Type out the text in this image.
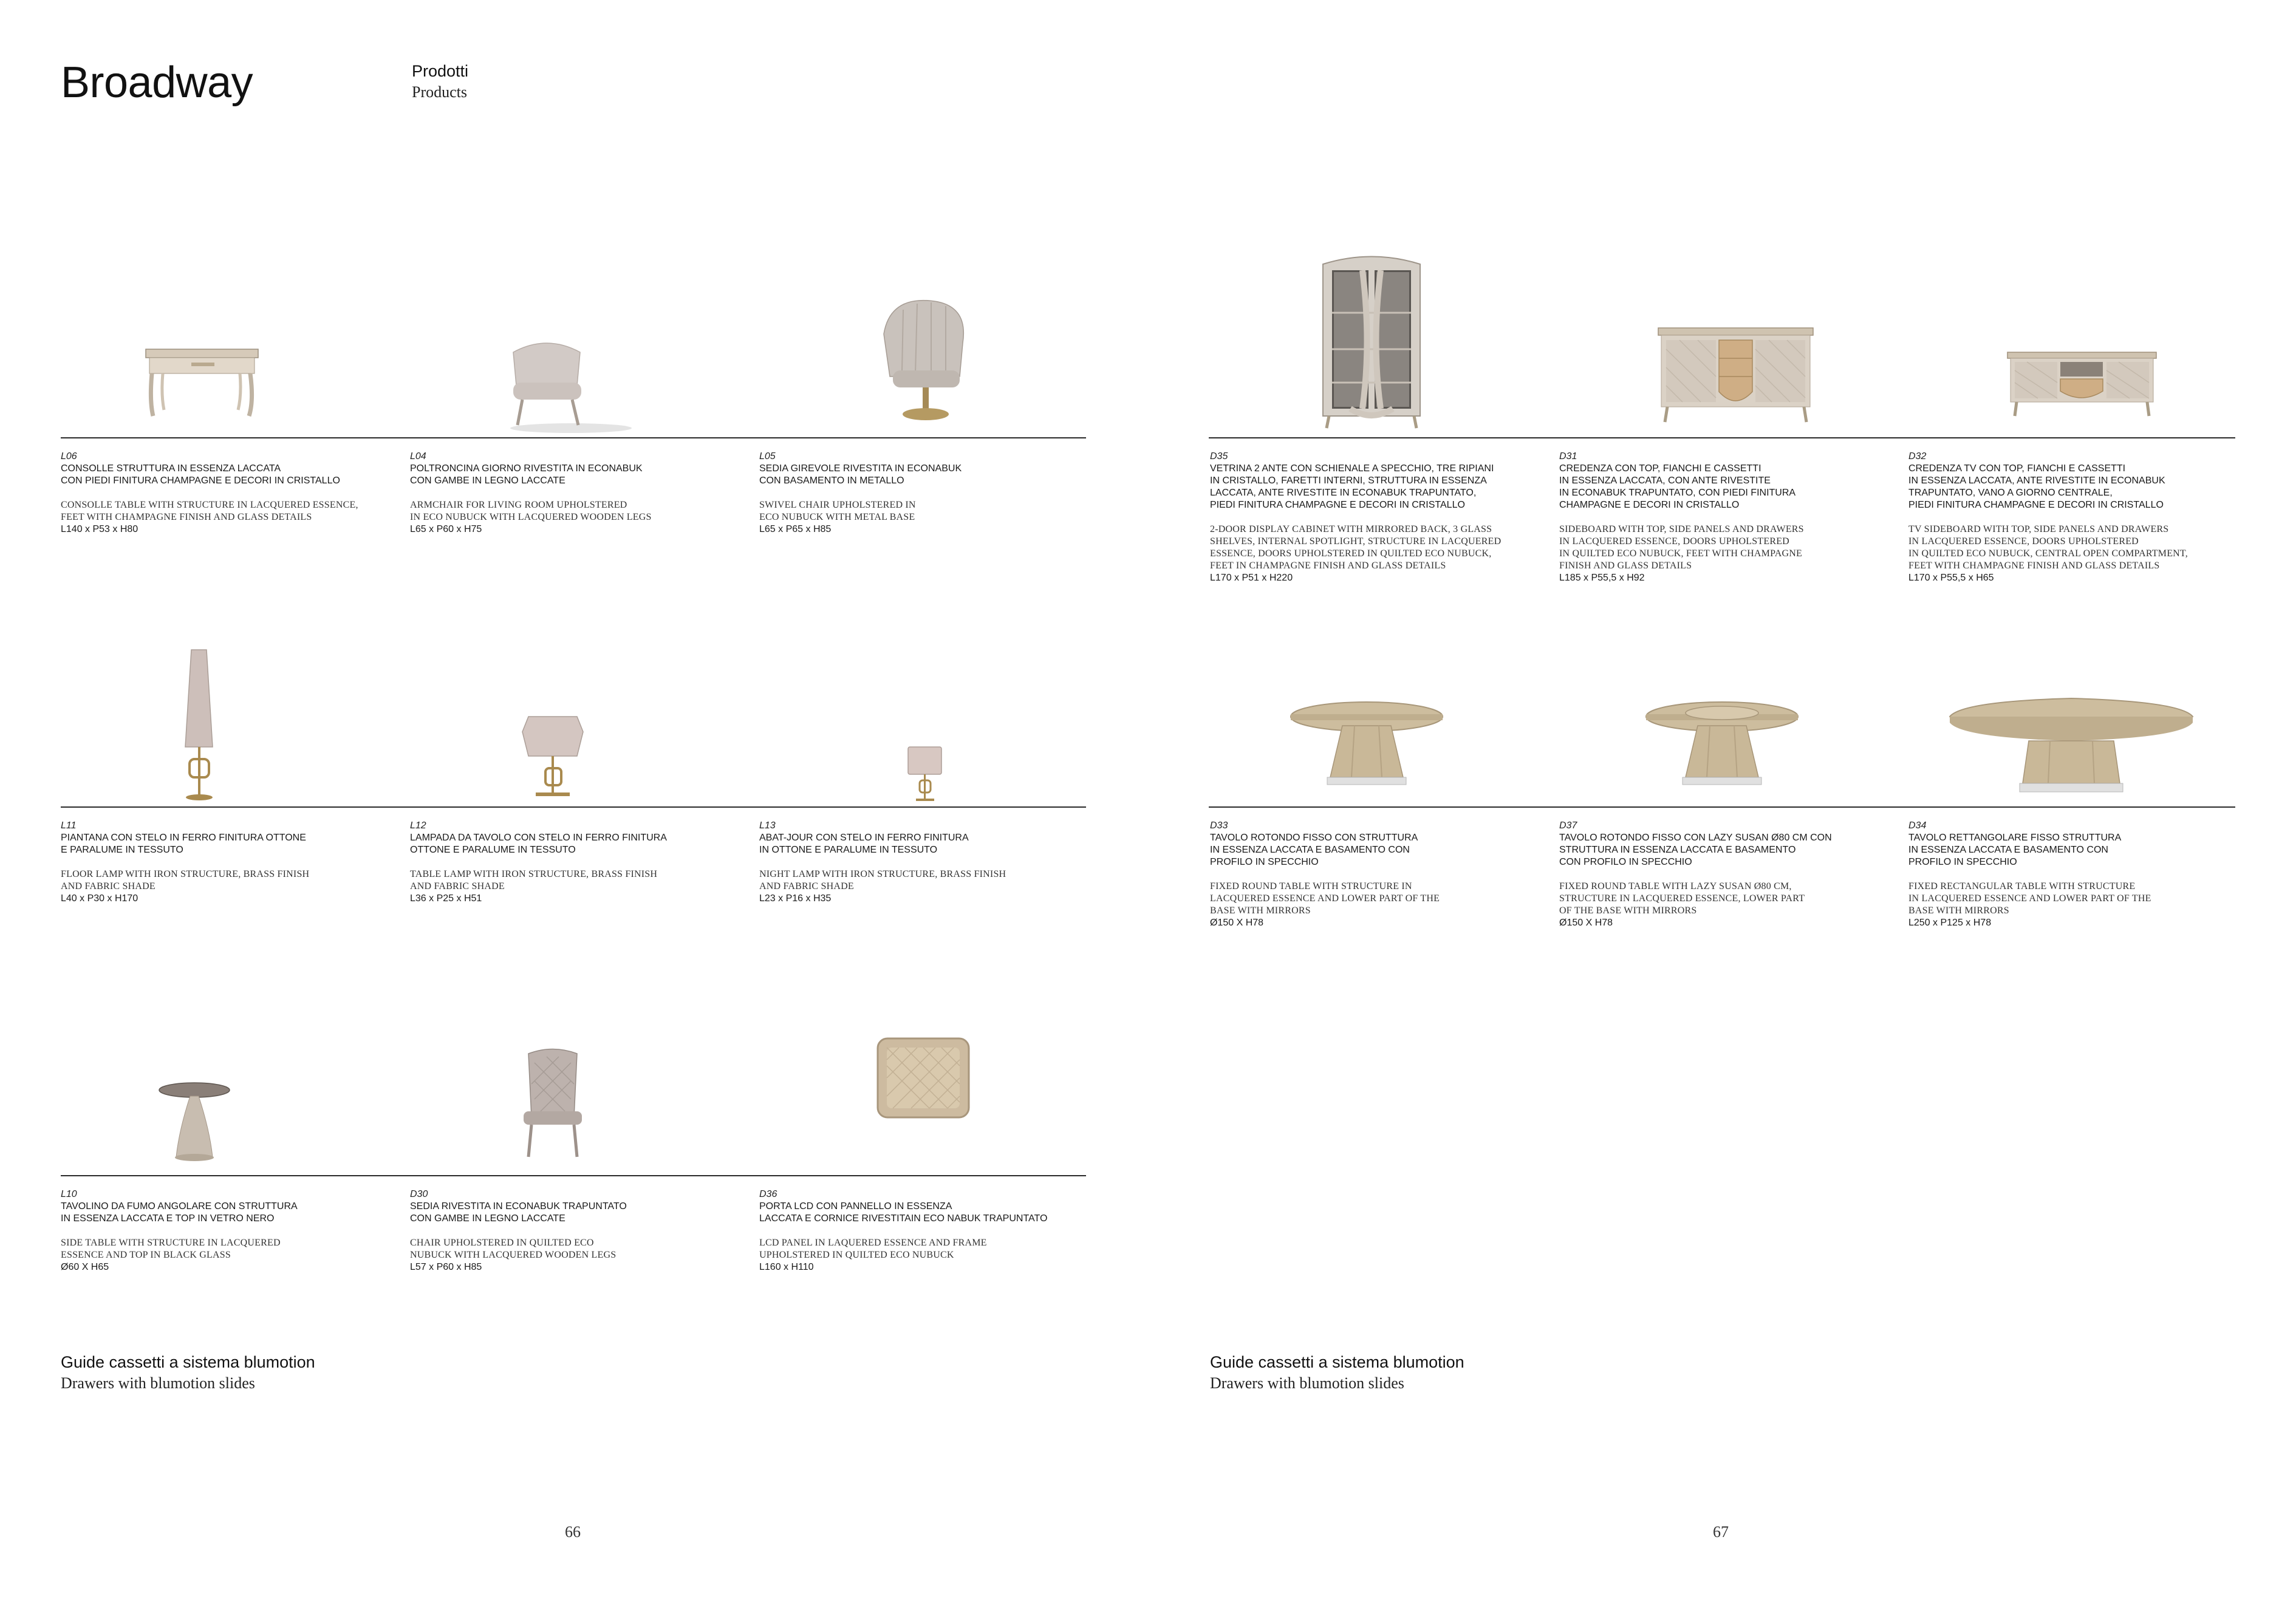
Broadway	Prodotti
Products
L06
CONSOLLE STRUTTURA IN ESSENZA LACCATA
CON PIEDI FINITURA CHAMPAGNE E DECORI IN CRISTALLO
CONSOLLE TABLE WITH STRUCTURE IN LACQUERED ESSENCE,
FEET WITH CHAMPAGNE FINISH AND GLASS DETAILS
L140 x P53 x H80
L04
POLTRONCINA GIORNO RIVESTITA IN ECONABUK
CON GAMBE IN LEGNO LACCATE
ARMCHAIR FOR LIVING ROOM UPHOLSTERED
IN ECO NUBUCK WITH LACQUERED WOODEN LEGS
L65 x P60 x H75
L05
SEDIA GIREVOLE RIVESTITA IN ECONABUK
CON BASAMENTO IN METALLO
SWIVEL CHAIR UPHOLSTERED IN
ECO NUBUCK WITH METAL BASE
L65 x P65 x H85
L11
PIANTANA CON STELO IN FERRO FINITURA OTTONE
E PARALUME IN TESSUTO
FLOOR LAMP WITH IRON STRUCTURE, BRASS FINISH
AND FABRIC SHADE
L40 x P30 x H170
L12
LAMPADA DA TAVOLO CON STELO IN FERRO FINITURA
OTTONE E PARALUME IN TESSUTO
TABLE LAMP WITH IRON STRUCTURE, BRASS FINISH
AND FABRIC SHADE
L36 x P25 x H51
L13
ABAT-JOUR CON STELO IN FERRO FINITURA
IN OTTONE E PARALUME IN TESSUTO
NIGHT LAMP WITH IRON STRUCTURE, BRASS FINISH
AND FABRIC SHADE
L23 x P16 x H35
L10
TAVOLINO DA FUMO ANGOLARE CON STRUTTURA
IN ESSENZA LACCATA E TOP IN VETRO NERO
SIDE TABLE WITH STRUCTURE IN LACQUERED
ESSENCE AND TOP IN BLACK GLASS
Ø60 X H65
D30
SEDIA RIVESTITA IN ECONABUK TRAPUNTATO
CON GAMBE IN LEGNO LACCATE
CHAIR UPHOLSTERED IN QUILTED ECO
NUBUCK WITH LACQUERED WOODEN LEGS
L57 x P60 x H85
D36
PORTA LCD CON PANNELLO IN ESSENZA
LACCATA E CORNICE RIVESTITAIN ECO NABUK TRAPUNTATO
LCD PANEL IN LAQUERED ESSENCE AND FRAME
UPHOLSTERED IN QUILTED ECO NUBUCK
L160 x H110
Guide cassetti a sistema blumotion
Drawers with blumotion slides
66
D35
VETRINA 2 ANTE CON SCHIENALE A SPECCHIO, TRE RIPIANI
IN CRISTALLO, FARETTI INTERNI, STRUTTURA IN ESSENZA
LACCATA, ANTE RIVESTITE IN ECONABUK TRAPUNTATO,
PIEDI FINITURA CHAMPAGNE E DECORI IN CRISTALLO
2-DOOR DISPLAY CABINET WITH MIRRORED BACK, 3 GLASS
SHELVES, INTERNAL SPOTLIGHT, STRUCTURE IN LACQUERED
ESSENCE, DOORS UPHOLSTERED IN QUILTED ECO NUBUCK,
FEET IN CHAMPAGNE FINISH AND GLASS DETAILS
L170 x P51 x H220
D31
CREDENZA CON TOP, FIANCHI E CASSETTI
IN ESSENZA LACCATA, CON ANTE RIVESTITE
IN ECONABUK TRAPUNTATO, CON PIEDI FINITURA
CHAMPAGNE E DECORI IN CRISTALLO
SIDEBOARD WITH TOP, SIDE PANELS AND DRAWERS
IN LACQUERED ESSENCE, DOORS UPHOLSTERED
IN QUILTED ECO NUBUCK, FEET WITH CHAMPAGNE
FINISH AND GLASS DETAILS
L185 x P55,5 x H92
D32
CREDENZA TV CON TOP, FIANCHI E CASSETTI
IN ESSENZA LACCATA, ANTE RIVESTITE IN ECONABUK
TRAPUNTATO, VANO A GIORNO CENTRALE,
PIEDI FINITURA CHAMPAGNE E DECORI IN CRISTALLO
TV SIDEBOARD WITH TOP, SIDE PANELS AND DRAWERS
IN LACQUERED ESSENCE, DOORS UPHOLSTERED
IN QUILTED ECO NUBUCK, CENTRAL OPEN COMPARTMENT,
FEET WITH CHAMPAGNE FINISH AND GLASS DETAILS
L170 x P55,5 x H65
D33
TAVOLO ROTONDO FISSO CON STRUTTURA
IN ESSENZA LACCATA E BASAMENTO CON
PROFILO IN SPECCHIO
FIXED ROUND TABLE WITH STRUCTURE IN
LACQUERED ESSENCE AND LOWER PART OF THE
BASE WITH MIRRORS
Ø150 X H78
D37
TAVOLO ROTONDO FISSO CON LAZY SUSAN Ø80 CM CON
STRUTTURA IN ESSENZA LACCATA E BASAMENTO
CON PROFILO IN SPECCHIO
FIXED ROUND TABLE WITH LAZY SUSAN Ø80 CM,
STRUCTURE IN LACQUERED ESSENCE, LOWER PART
OF THE BASE WITH MIRRORS
Ø150 X H78
D34
TAVOLO RETTANGOLARE FISSO STRUTTURA
IN ESSENZA LACCATA E BASAMENTO CON
PROFILO IN SPECCHIO
FIXED RECTANGULAR TABLE WITH STRUCTURE
IN LACQUERED ESSENCE AND LOWER PART OF THE
BASE WITH MIRRORS
L250 x P125 x H78
Guide cassetti a sistema blumotion
Drawers with blumotion slides
67
